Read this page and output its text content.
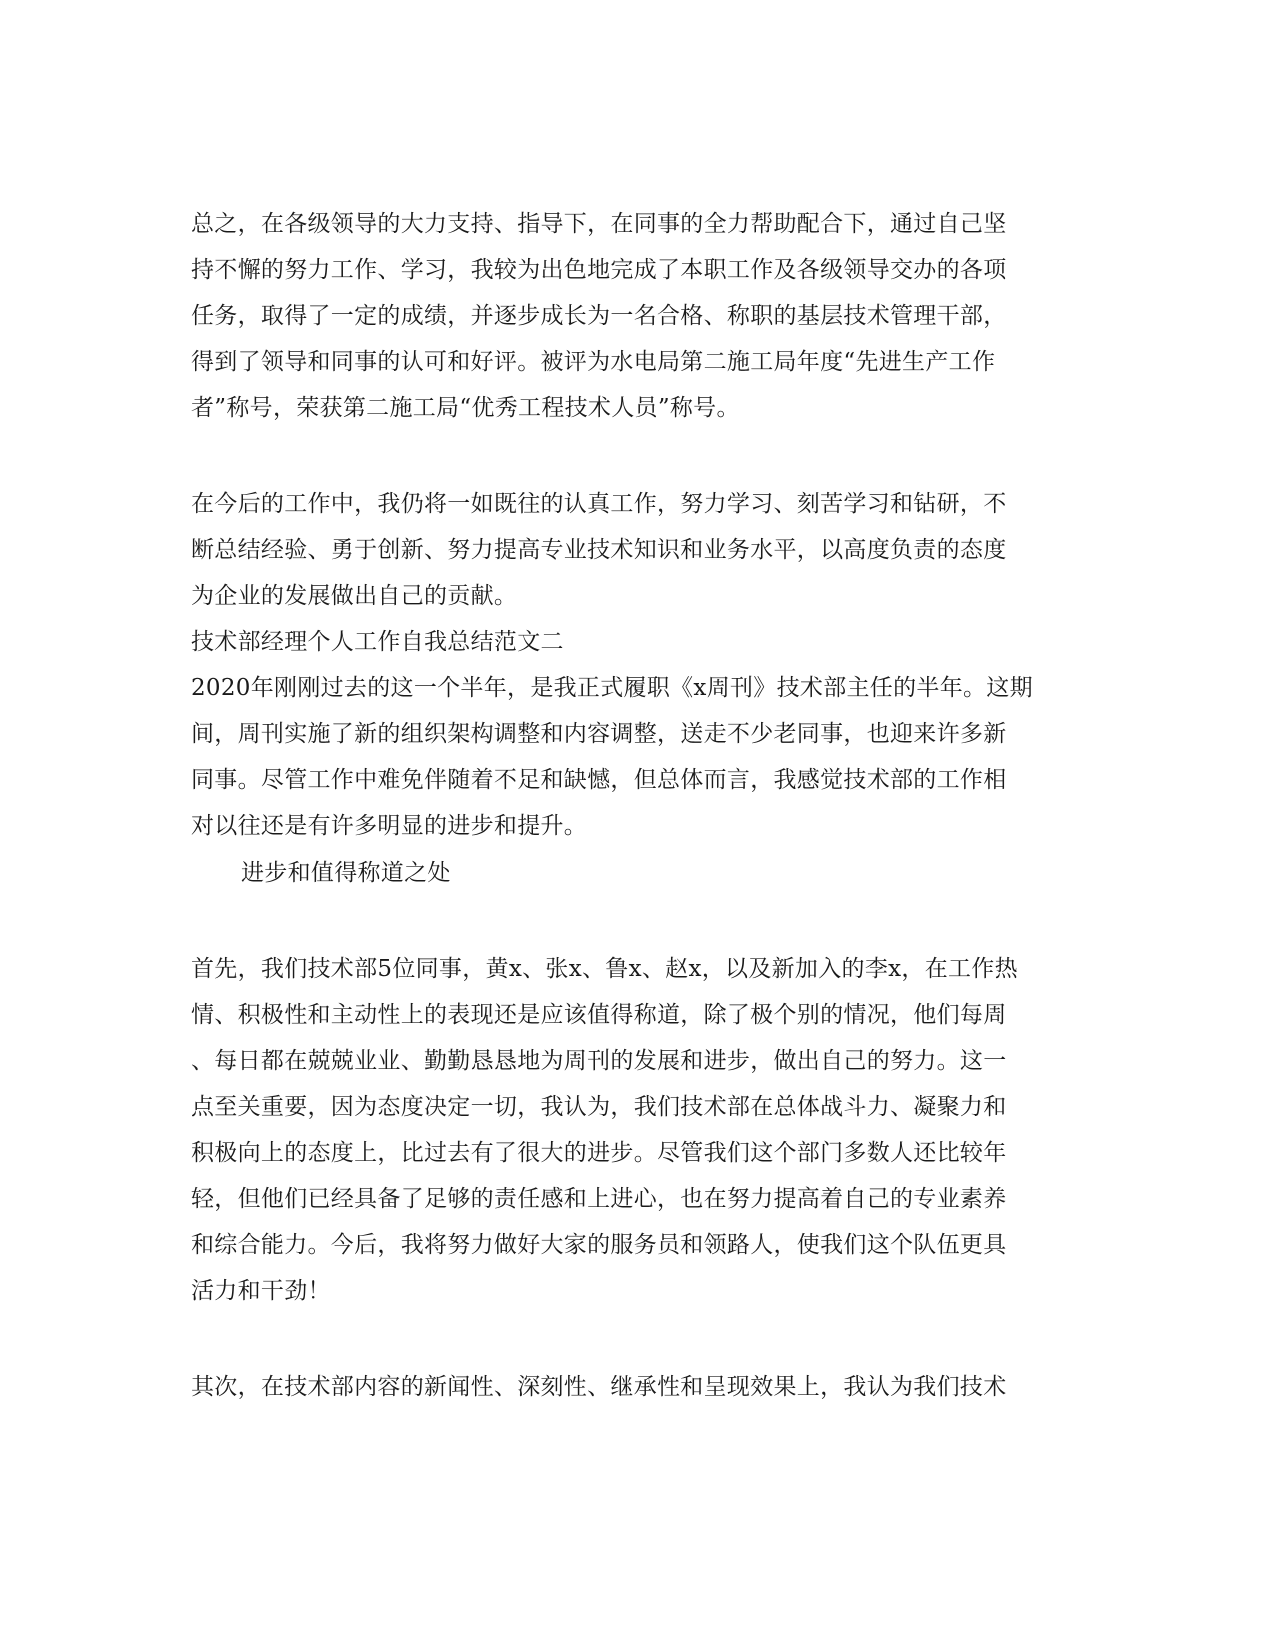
总之，在各级领导的大力支持、指导下，在同事的全力帮助配合下，通过自己坚
持不懈的努力工作、学习，我较为出色地完成了本职工作及各级领导交办的各项
任务，取得了一定的成绩，并逐步成长为一名合格、称职的基层技术管理干部，
得到了领导和同事的认可和好评。被评为水电局第二施工局年度“先进生产工作
者”称号，荣获第二施工局“优秀工程技术人员”称号。
在今后的工作中，我仍将一如既往的认真工作，努力学习、刻苦学习和钻研，不
断总结经验、勇于创新、努力提高专业技术知识和业务水平，以高度负责的态度
为企业的发展做出自己的贡献。
技术部经理个人工作自我总结范文二
2020年刚刚过去的这一个半年，是我正式履职《x周刊》技术部主任的半年。这期
间，周刊实施了新的组织架构调整和内容调整，送走不少老同事，也迎来许多新
同事。尽管工作中难免伴随着不足和缺憾，但总体而言，我感觉技术部的工作相
对以往还是有许多明显的进步和提升。
进步和值得称道之处
首先，我们技术部5位同事，黄x、张x、鲁x、赵x，以及新加入的李x，在工作热
情、积极性和主动性上的表现还是应该值得称道，除了极个别的情况，他们每周
、每日都在兢兢业业、勤勤恳恳地为周刊的发展和进步，做出自己的努力。这一
点至关重要，因为态度决定一切，我认为，我们技术部在总体战斗力、凝聚力和
积极向上的态度上，比过去有了很大的进步。尽管我们这个部门多数人还比较年
轻，但他们已经具备了足够的责任感和上进心，也在努力提高着自己的专业素养
和综合能力。今后，我将努力做好大家的服务员和领路人，使我们这个队伍更具
活力和干劲！
其次，在技术部内容的新闻性、深刻性、继承性和呈现效果上，我认为我们技术
